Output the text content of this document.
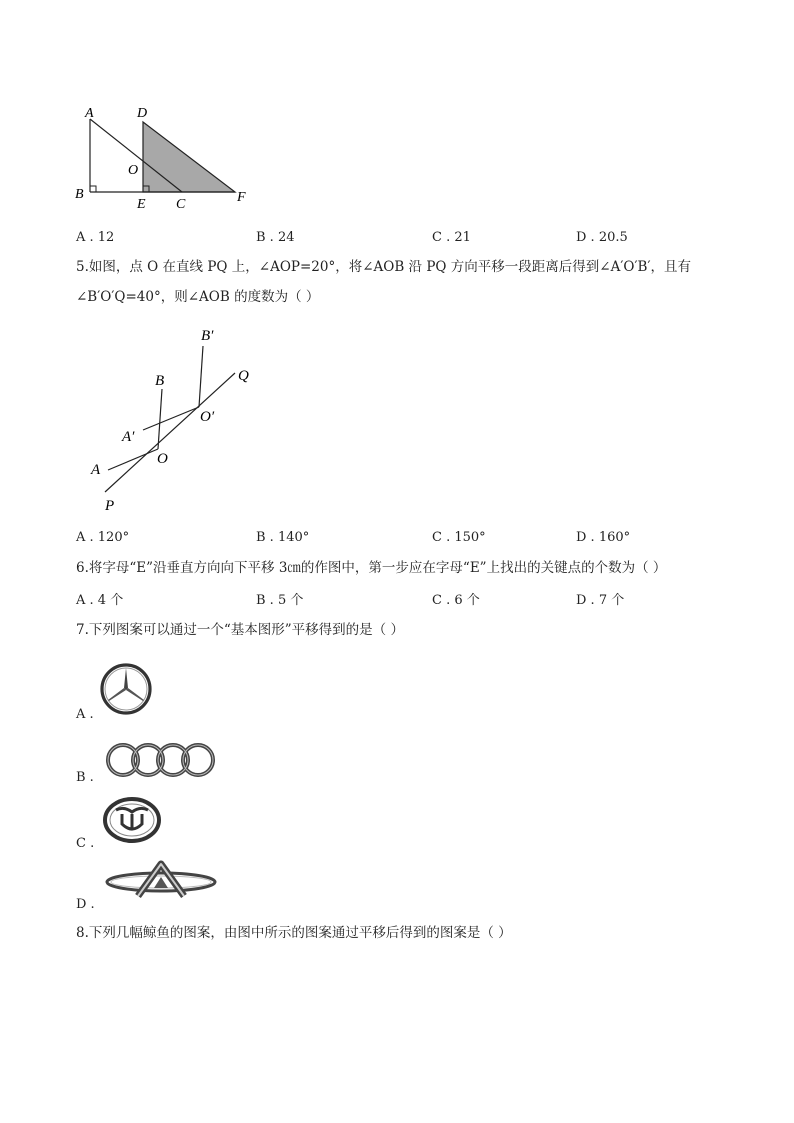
A
B
D
O
E C	F
A . 12	B . 24	C . 21	D . 20.5
5.如图，点 O 在直线 PQ 上，∠AOP=20°，将∠AOB 沿 PQ 方向平移一段距离后得到∠A′O′B′，且有
∠B′O′Q=40°，则∠AOB 的度数为（ ）
B′
Q
B
O′
A′
O
A
P
A . 120°	B . 140°	C . 150°	D . 160°
6.将字母“E”沿垂直方向向下平移 3㎝的作图中，第一步应在字母“E”上找出的关键点的个数为（ ）
A . 4 个	B . 5 个	C . 6 个	D . 7 个
7.下列图案可以通过一个“基本图形”平移得到的是（ ）
A .
B .
C .
D .
8.下列几幅鲸鱼的图案，由图中所示的图案通过平移后得到的图案是（ ）
